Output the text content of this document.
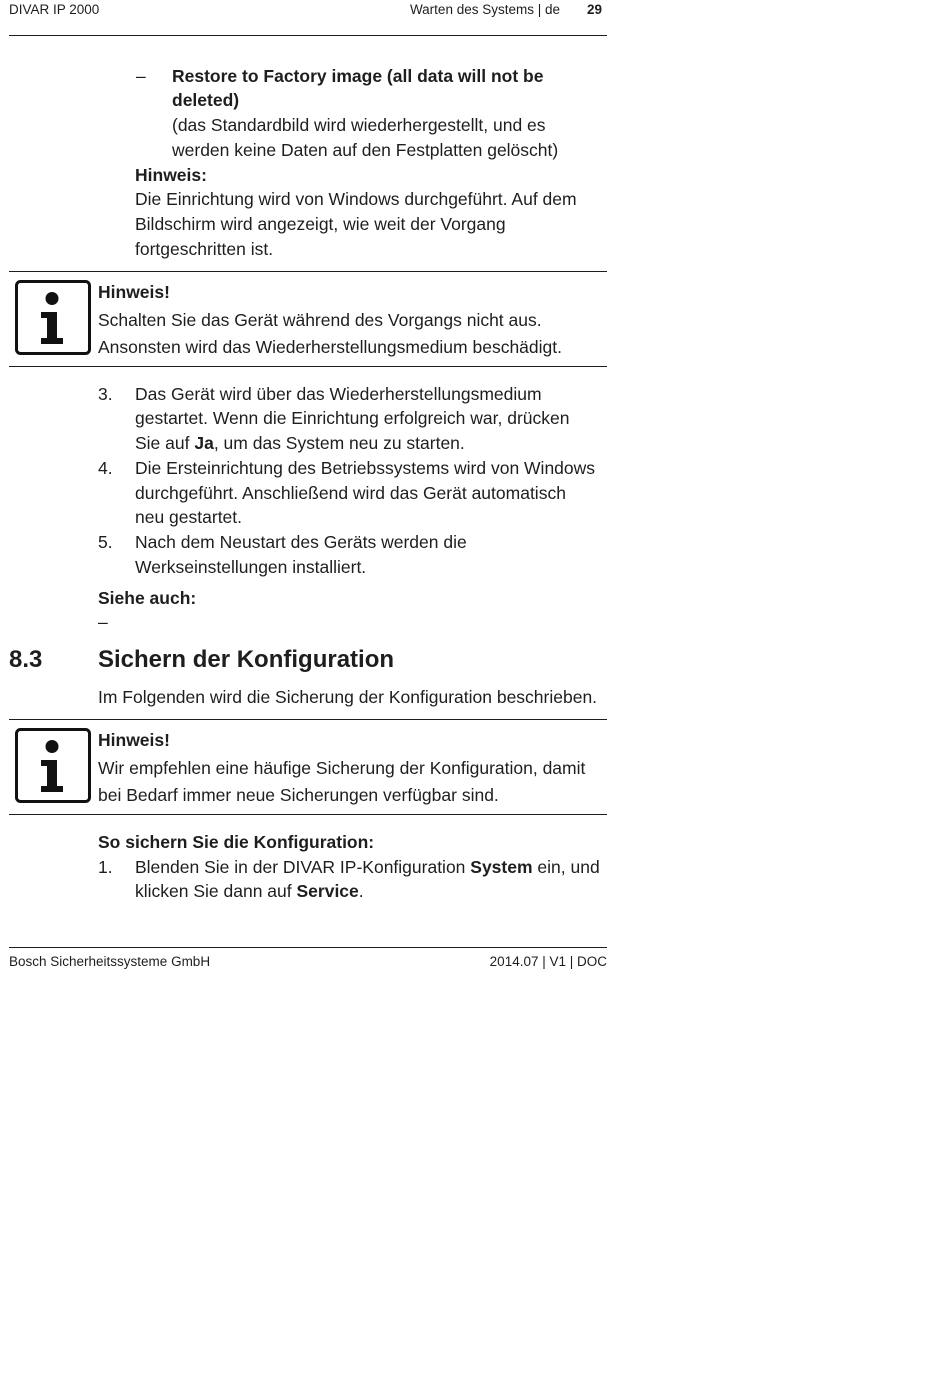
DIVAR IP 2000	Warten des Systems | de 29
– Restore to Factory image (all data will not be
deleted)
(das Standardbild wird wiederhergestellt, und es
werden keine Daten auf den Festplatten gelöscht)
Hinweis:
Die Einrichtung wird von Windows durchgeführt. Auf dem
Bildschirm wird angezeigt, wie weit der Vorgang
fortgeschritten ist.
Hinweis!
Schalten Sie das Gerät während des Vorgangs nicht aus.
Ansonsten wird das Wiederherstellungsmedium beschädigt.
3. Das Gerät wird über das Wiederherstellungsmedium
gestartet. Wenn die Einrichtung erfolgreich war, drücken
Sie auf Ja, um das System neu zu starten.
4. Die Ersteinrichtung des Betriebssystems wird von Windows
durchgeführt. Anschließend wird das Gerät automatisch
neu gestartet.
5. Nach dem Neustart des Geräts werden die
Werkseinstellungen installiert.
Siehe auch:
–
8.3 Sichern der Konfiguration
Im Folgenden wird die Sicherung der Konfiguration beschrieben.
Hinweis!
Wir empfehlen eine häufige Sicherung der Konfiguration, damit
bei Bedarf immer neue Sicherungen verfügbar sind.
So sichern Sie die Konfiguration:
1. Blenden Sie in der DIVAR IP-Konfiguration System ein, und
klicken Sie dann auf Service.
Bosch Sicherheitssysteme GmbH	2014.07 | V1 | DOC
